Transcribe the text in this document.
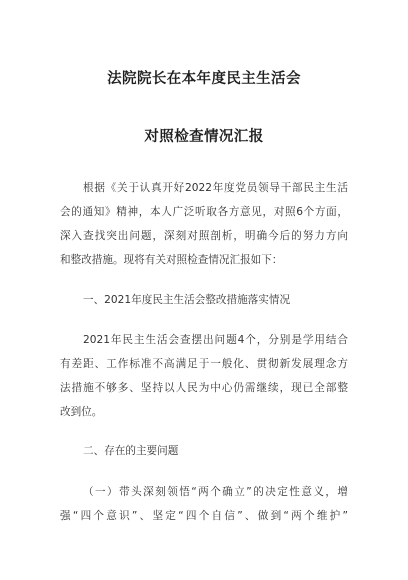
法院院长在本年度民主生活会
对照检查情况汇报
根据《关于认真开好2022年度党员领导干部民主生活
会的通知》精神，本人广泛听取各方意见，对照6个方面，
深入查找突出问题，深刻对照剖析，明确今后的努力方向
和整改措施。现将有关对照检查情况汇报如下：
一、2021年度民主生活会整改措施落实情况
2021年民主生活会查摆出问题4个，分别是学用结合
有差距、工作标准不高满足于一般化、贯彻新发展理念方
法措施不够多、坚持以人民为中心仍需继续，现已全部整
改到位。
二、存在的主要问题
（一）带头深刻领悟“两个确立”的决定性意义，增
强“四个意识”、坚定“四个自信”、做到“两个维护”
